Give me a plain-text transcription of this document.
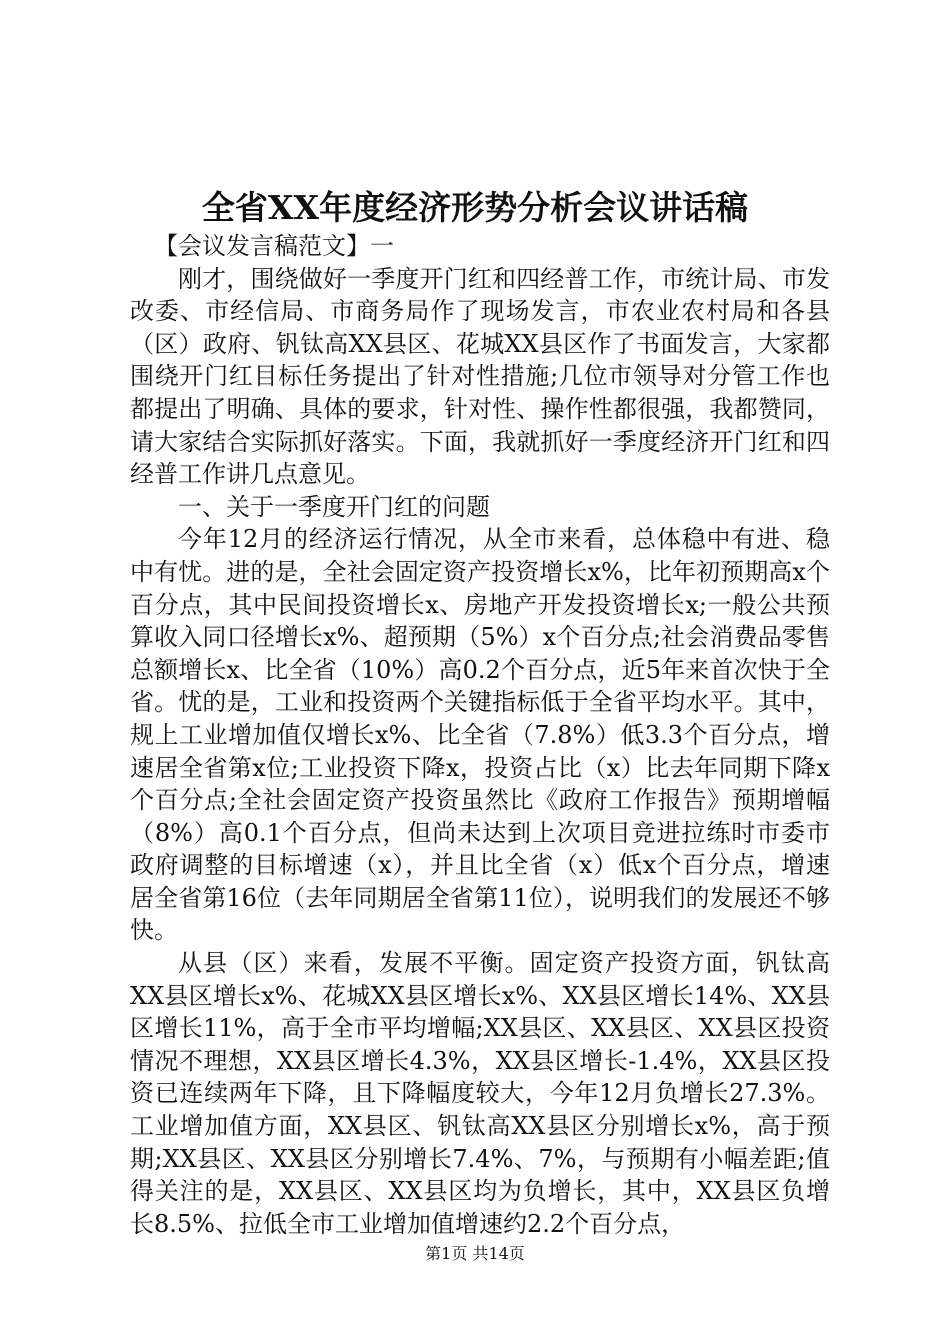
全省XX年度经济形势分析会议讲话稿

【会议发言稿范文】一

刚才，围绕做好一季度开门红和四经普工作，市统计局、市发改委、市经信局、市商务局作了现场发言，市农业农村局和各县（区）政府、钒钛高XX县区、花城XX县区作了书面发言，大家都围绕开门红目标任务提出了针对性措施;几位市领导对分管工作也都提出了明确、具体的要求，针对性、操作性都很强，我都赞同，请大家结合实际抓好落实。下面，我就抓好一季度经济开门红和四经普工作讲几点意见。

一、关于一季度开门红的问题

今年12月的经济运行情况，从全市来看，总体稳中有进、稳中有忧。进的是，全社会固定资产投资增长x%，比年初预期高x个百分点，其中民间投资增长x、房地产开发投资增长x;一般公共预算收入同口径增长x%、超预期（5%）x个百分点;社会消费品零售总额增长x、比全省（10%）高0.2个百分点，近5年来首次快于全省。忧的是，工业和投资两个关键指标低于全省平均水平。其中，规上工业增加值仅增长x%、比全省（7.8%）低3.3个百分点，增速居全省第x位;工业投资下降x，投资占比（x）比去年同期下降x个百分点;全社会固定资产投资虽然比《政府工作报告》预期增幅（8%）高0.1个百分点，但尚未达到上次项目竞进拉练时市委市政府调整的目标增速（x），并且比全省（x）低x个百分点，增速居全省第16位（去年同期居全省第11位），说明我们的发展还不够快。

从县（区）来看，发展不平衡。固定资产投资方面，钒钛高XX县区增长x%、花城XX县区增长x%、XX县区增长14%、XX县区增长11%，高于全市平均增幅;XX县区、XX县区、XX县区投资情况不理想，XX县区增长4.3%，XX县区增长-1.4%，XX县区投资已连续两年下降，且下降幅度较大，今年12月负增长27.3%。工业增加值方面，XX县区、钒钛高XX县区分别增长x%，高于预期;XX县区、XX县区分别增长7.4%、7%，与预期有小幅差距;值得关注的是，XX县区、XX县区均为负增长，其中，XX县区负增长8.5%、拉低全市工业增加值增速约2.2个百分点，

第1页 共14页
